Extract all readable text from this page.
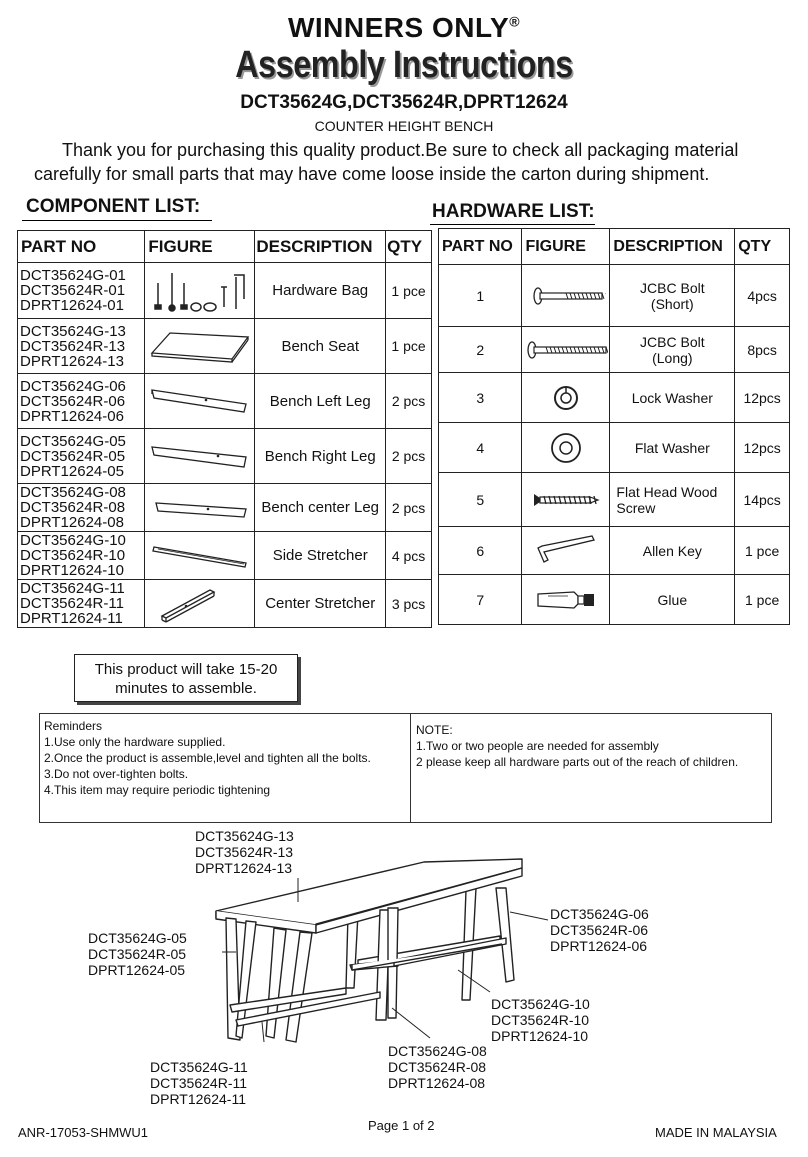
WINNERS ONLY®
Assembly Instructions
DCT35624G,DCT35624R,DPRT12624
COUNTER HEIGHT BENCH
Thank you for purchasing this quality product.Be sure to check all packaging material
carefully for small parts that may have come loose inside the carton during shipment.
COMPONENT LIST:	HARDWARE LIST:
PART NO	FIGURE	DESCRIPTION	QTY

DCT35624G-01
DCT35624R-01
DPRT12624-01		Hardware Bag	1 pce

DCT35624G-13
DCT35624R-13
DPRT12624-13		Bench Seat	1 pce

DCT35624G-06
DCT35624R-06
DPRT12624-06		Bench Left Leg	2 pcs

DCT35624G-05
DCT35624R-05
DPRT12624-05		Bench Right Leg	2 pcs

DCT35624G-08
DCT35624R-08
DPRT12624-08		Bench center Leg	2 pcs

DCT35624G-10
DCT35624R-10
DPRT12624-10		Side Stretcher	4 pcs

DCT35624G-11
DCT35624R-11
DPRT12624-11		Center Stretcher	3 pcs
PART NO	FIGURE	DESCRIPTION	QTY
1		JCBC Bolt
(Short)	4pcs
2		JCBC Bolt
(Long)	8pcs
3		Lock Washer	12pcs
4		Flat Washer	12pcs
5		Flat Head Wood
Screw	14pcs
6		Allen Key	1 pce
7		Glue	1 pce
This product will take 15-20
minutes to assemble.
Reminders
1.Use only the hardware supplied.
2.Once the product is assemble,level and tighten all the bolts.
3.Do not over-tighten bolts.
4.This item may require periodic tightening
NOTE:
1.Two or two people are needed for assembly
2 please keep all hardware parts out of the reach of children.
DCT35624G-13
DCT35624R-13
DPRT12624-13
DCT35624G-05
DCT35624R-05
DPRT12624-05
DCT35624G-06
DCT35624R-06
DPRT12624-06
DCT35624G-10
DCT35624R-10
DPRT12624-10
DCT35624G-08
DCT35624R-08
DPRT12624-08
DCT35624G-11
DCT35624R-11
DPRT12624-11
ANR-17053-SHMWU1	Page 1 of 2	MADE IN MALAYSIA
